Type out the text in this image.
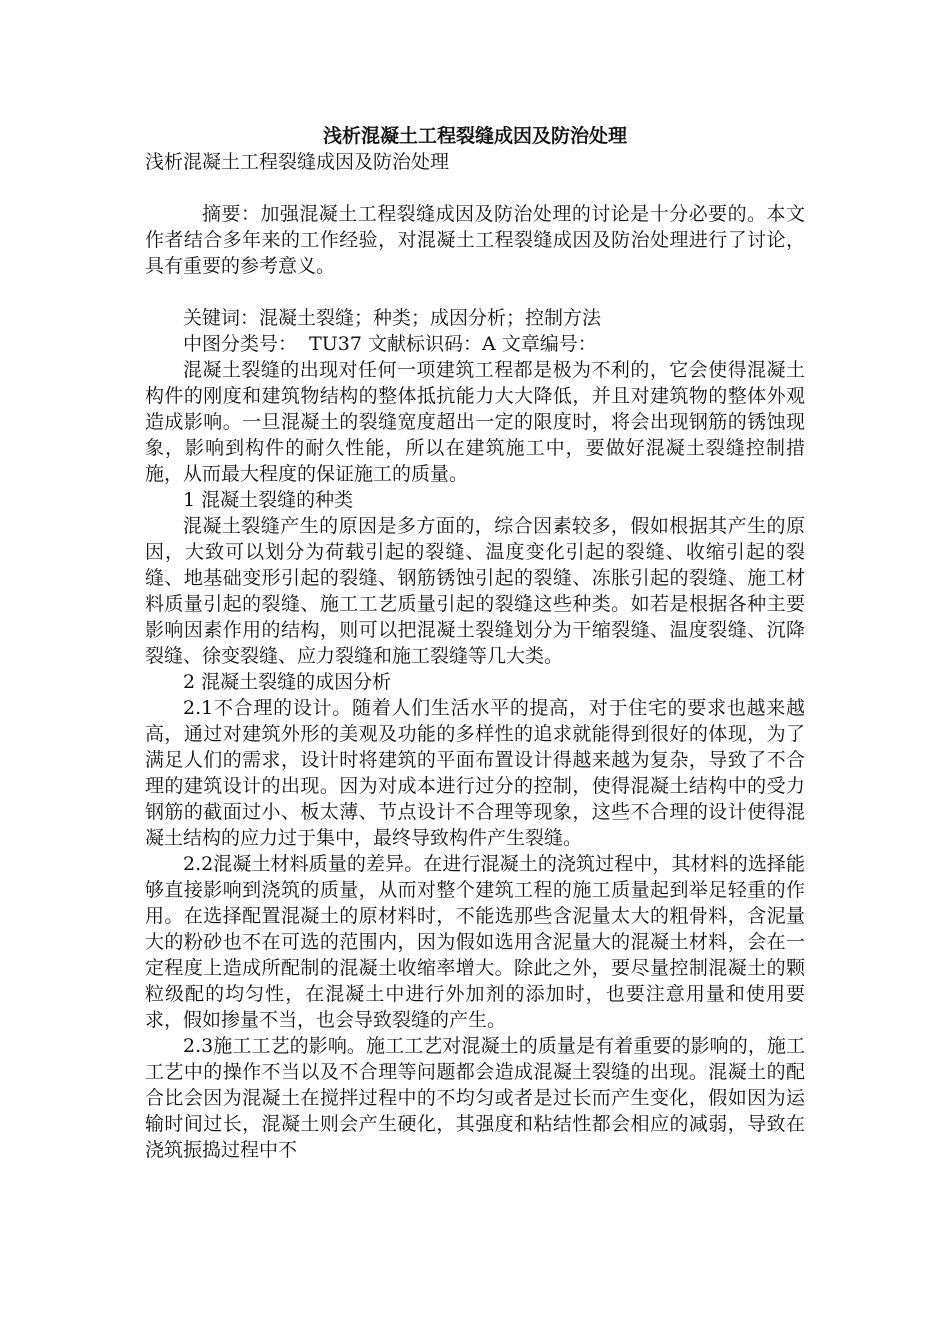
浅析混凝土工程裂缝成因及防治处理

浅析混凝土工程裂缝成因及防治处理

摘要：加强混凝土工程裂缝成因及防治处理的讨论是十分必要的。本文作者结合多年来的工作经验，对混凝土工程裂缝成因及防治处理进行了讨论，具有重要的参考意义。

关键词：混凝土裂缝；种类；成因分析；控制方法

中图分类号：  TU37 文献标识码：A 文章编号：

混凝土裂缝的出现对任何一项建筑工程都是极为不利的，它会使得混凝土构件的刚度和建筑物结构的整体抵抗能力大大降低，并且对建筑物的整体外观造成影响。一旦混凝土的裂缝宽度超出一定的限度时，将会出现钢筋的锈蚀现象，影响到构件的耐久性能，所以在建筑施工中，要做好混凝土裂缝控制措施，从而最大程度的保证施工的质量。

1 混凝土裂缝的种类

混凝土裂缝产生的原因是多方面的，综合因素较多，假如根据其产生的原因，大致可以划分为荷载引起的裂缝、温度变化引起的裂缝、收缩引起的裂缝、地基础变形引起的裂缝、钢筋锈蚀引起的裂缝、冻胀引起的裂缝、施工材料质量引起的裂缝、施工工艺质量引起的裂缝这些种类。如若是根据各种主要影响因素作用的结构，则可以把混凝土裂缝划分为干缩裂缝、温度裂缝、沉降裂缝、徐变裂缝、应力裂缝和施工裂缝等几大类。

2 混凝土裂缝的成因分析

2.1不合理的设计。随着人们生活水平的提高，对于住宅的要求也越来越高，通过对建筑外形的美观及功能的多样性的追求就能得到很好的体现，为了满足人们的需求，设计时将建筑的平面布置设计得越来越为复杂，导致了不合理的建筑设计的出现。因为对成本进行过分的控制，使得混凝土结构中的受力钢筋的截面过小、板太薄、节点设计不合理等现象，这些不合理的设计使得混凝土结构的应力过于集中，最终导致构件产生裂缝。

2.2混凝土材料质量的差异。在进行混凝土的浇筑过程中，其材料的选择能够直接影响到浇筑的质量，从而对整个建筑工程的施工质量起到举足轻重的作用。在选择配置混凝土的原材料时，不能选那些含泥量太大的粗骨料，含泥量大的粉砂也不在可选的范围内，因为假如选用含泥量大的混凝土材料，会在一定程度上造成所配制的混凝土收缩率增大。除此之外，要尽量控制混凝土的颗粒级配的均匀性，在混凝土中进行外加剂的添加时，也要注意用量和使用要求，假如掺量不当，也会导致裂缝的产生。

2.3施工工艺的影响。施工工艺对混凝土的质量是有着重要的影响的，施工工艺中的操作不当以及不合理等问题都会造成混凝土裂缝的出现。混凝土的配合比会因为混凝土在搅拌过程中的不均匀或者是过长而产生变化，假如因为运输时间过长，混凝土则会产生硬化，其强度和粘结性都会相应的减弱，导致在浇筑振捣过程中不
